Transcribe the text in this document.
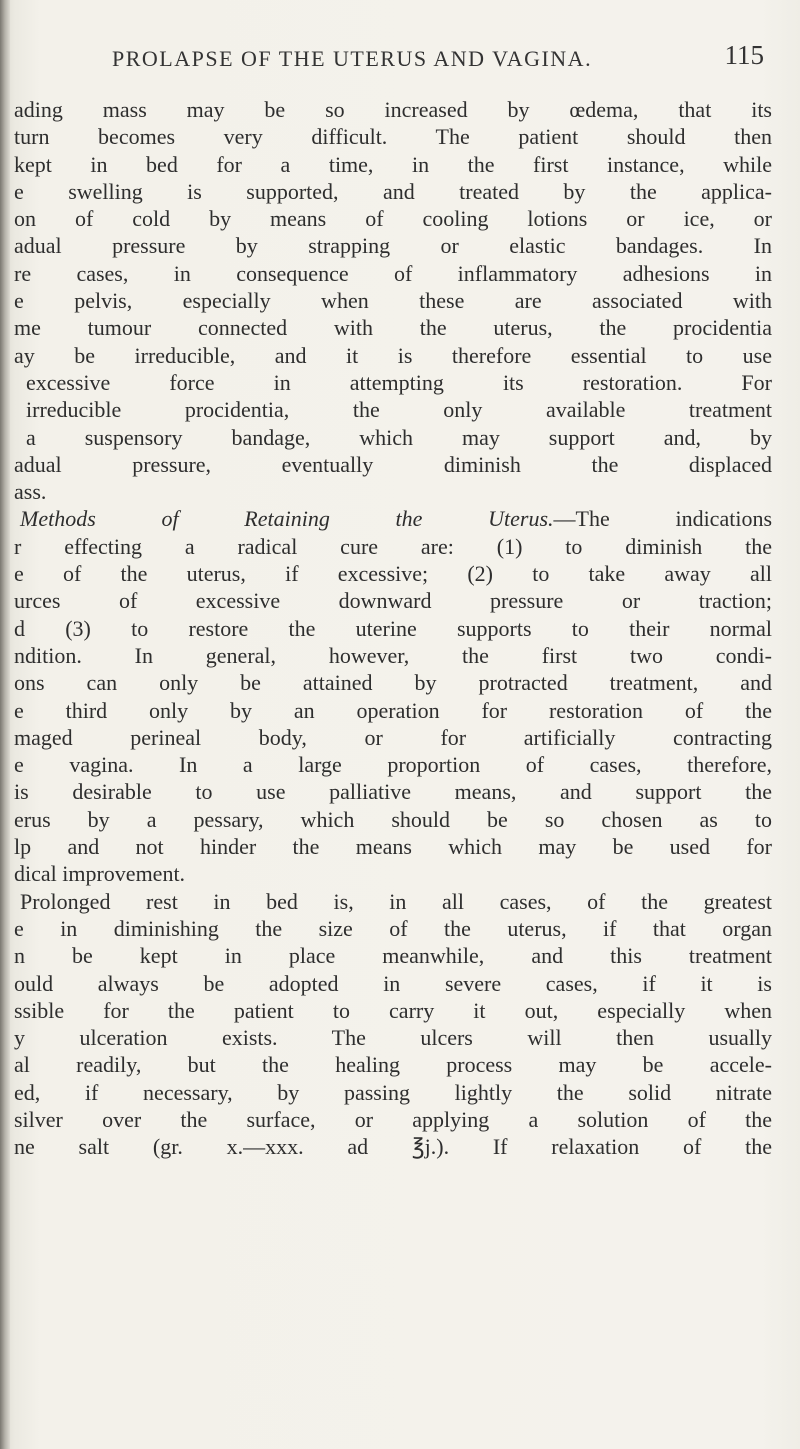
PROLAPSE OF THE UTERUS AND VAGINA.	115
ading mass may be so increased by œdema, that its
turn becomes very difficult. The patient should then
kept in bed for a time, in the first instance, while
e swelling is supported, and treated by the applica-
on of cold by means of cooling lotions or ice, or
adual pressure by strapping or elastic bandages. In
re cases, in consequence of inflammatory adhesions in
e pelvis, especially when these are associated with
me tumour connected with the uterus, the procidentia
ay be irreducible, and it is therefore essential to use
excessive force in attempting its restoration. For
irreducible procidentia, the only available treatment
a suspensory bandage, which may support and, by
adual pressure, eventually diminish the displaced
ass.
Methods of Retaining the Uterus.—The indications
r effecting a radical cure are: (1) to diminish the
e of the uterus, if excessive; (2) to take away all
urces of excessive downward pressure or traction;
d (3) to restore the uterine supports to their normal
ndition. In general, however, the first two condi-
ons can only be attained by protracted treatment, and
e third only by an operation for restoration of the
maged perineal body, or for artificially contracting
e vagina. In a large proportion of cases, therefore,
is desirable to use palliative means, and support the
erus by a pessary, which should be so chosen as to
lp and not hinder the means which may be used for
dical improvement.
Prolonged rest in bed is, in all cases, of the greatest
e in diminishing the size of the uterus, if that organ
n be kept in place meanwhile, and this treatment
ould always be adopted in severe cases, if it is
ssible for the patient to carry it out, especially when
y ulceration exists. The ulcers will then usually
al readily, but the healing process may be accele-
ed, if necessary, by passing lightly the solid nitrate
silver over the surface, or applying a solution of the
ne salt (gr. x.—xxx. ad ℥j.). If relaxation of the
